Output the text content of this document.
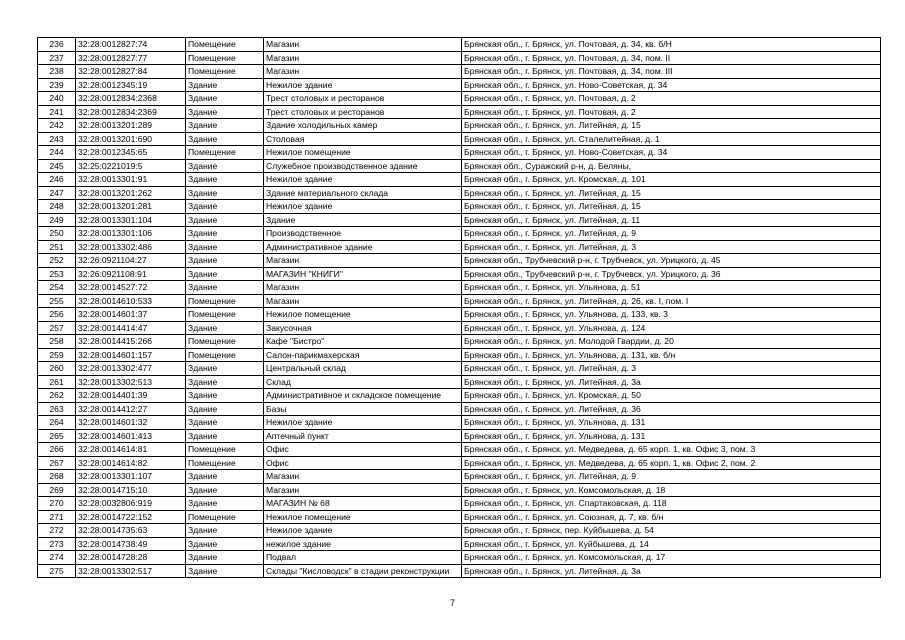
236	32:28:0012827:74	Помещение	Магазин	Брянская обл., г. Брянск, ул. Почтовая, д. 34, кв. б/Н
237	32:28:0012827:77	Помещение	Магазин	Брянская обл., г. Брянск, ул. Почтовая, д. 34, пом. II
238	32:28:0012827:84	Помещение	Магазин	Брянская обл., г. Брянск, ул. Почтовая, д. 34, пом. III
239	32:28:0012345:19	Здание	Нежилое здание	Брянская обл., г. Брянск, ул. Ново-Советская, д. 34
240	32:28:0012834:2368	Здание	Трест столовых и ресторанов	Брянская обл., г. Брянск, ул. Почтовая, д. 2
241	32:28:0012834:2369	Здание	Трест столовых и ресторанов	Брянская обл., г. Брянск, ул. Почтовая, д. 2
242	32:28:0013201:289	Здание	Здание холодильных камер	Брянская обл., г. Брянск, ул. Литейная, д. 15
243	32:28:0013201:690	Здание	Столовая	Брянская обл., г. Брянск, ул. Сталелитейная, д. 1
244	32:28:0012345:65	Помещение	Нежилое помещение	Брянская обл., г. Брянск, ул. Ново-Советская, д. 34
245	32:25:0221019:5	Здание	Служебное производственное здание	Брянская обл., Суражский р-н, д. Беляны,
246	32:28:0013301:91	Здание	Нежилое здание	Брянская обл., г. Брянск, ул. Кромская, д. 101
247	32:28:0013201:262	Здание	Здание материального склада	Брянская обл., г. Брянск, ул. Литейная, д. 15
248	32:28:0013201:281	Здание	Нежилое здание	Брянская обл., г. Брянск, ул. Литейная, д. 15
249	32:28:0013301:104	Здание	Здание	Брянская обл., г. Брянск, ул. Литейная, д. 11
250	32:28:0013301:106	Здание	Производственное	Брянская обл., г. Брянск, ул. Литейная, д. 9
251	32:28:0013302:486	Здание	Административное здание	Брянская обл., г. Брянск, ул. Литейная, д. 3
252	32:26:0921104:27	Здание	Магазин	Брянская обл., Трубчевский р-н, г. Трубчевск, ул. Урицкого, д. 45
253	32:26:0921108:91	Здание	МАГАЗИН "КНИГИ"	Брянская обл., Трубчевский р-н, г. Трубчевск, ул. Урицкого, д. 36
254	32:28:0014527:72	Здание	Магазин	Брянская обл., г. Брянск, ул. Ульянова, д. 51
255	32:28:0014610:533	Помещение	Магазин	Брянская обл., г. Брянск, ул. Литейная, д. 26, кв. I, пом. I
256	32:28:0014601:37	Помещение	Нежилое помещение	Брянская обл., г. Брянск, ул. Ульянова, д. 133, кв. 3
257	32:28:0014414:47	Здание	Закусочная	Брянская обл., г. Брянск, ул. Ульянова, д. 124
258	32:28:0014415:266	Помещение	Кафе "Бистро"	Брянская обл., г. Брянск, ул. Молодой Гвардии, д. 20
259	32:28:0014601:157	Помещение	Салон-парикмахерская	Брянская обл., г. Брянск, ул. Ульянова, д. 131, кв. б/н
260	32:28:0013302:477	Здание	Центральный склад	Брянская обл., г. Брянск, ул. Литейная, д. 3
261	32:28:0013302:513	Здание	Склад	Брянская обл., г. Брянск, ул. Литейная, д. 3а
262	32:28:0014401:39	Здание	Административное и складское помещение	Брянская обл., г. Брянск, ул. Кромская, д. 50
263	32:28:0014412:27	Здание	Базы	Брянская обл., г. Брянск, ул. Литейная, д. 36
264	32:28:0014601:32	Здание	Нежилое здание	Брянская обл., г. Брянск, ул. Ульянова, д. 131
265	32:28:0014601:413	Здание	Аптечный пункт	Брянская обл., г. Брянск, ул. Ульянова, д. 131
266	32:28:0014614:81	Помещение	Офис	Брянская обл., г. Брянск, ул. Медведева, д. 65 корп. 1, кв. Офис 3, пом. 3
267	32:28:0014614:82	Помещение	Офис	Брянская обл., г. Брянск, ул. Медведева, д. 65 корп. 1, кв. Офис 2, пом. 2
268	32:28:0013301:107	Здание	Магазин	Брянская обл., г. Брянск, ул. Литейная, д. 9
269	32:28:0014715:10	Здание	Магазин	Брянская обл., г. Брянск, ул. Комсомольская, д. 18
270	32:28:0032806:919	Здание	МАГАЗИН № 68	Брянская обл., г. Брянск, ул. Спартаковская, д. 118
271	32:28:0014722:152	Помещение	Нежилое помещение	Брянская обл., г. Брянск, ул. Союзная, д. 7, кв. б/н
272	32:28:0014735:63	Здание	Нежилое здание	Брянская обл., г. Брянск, пер. Куйбышева, д. 54
273	32:28:0014738:49	Здание	нежилое здание	Брянская обл., г. Брянск, ул. Куйбышева, д. 14
274	32:28:0014728:28	Здание	Подвал	Брянская обл., г. Брянск, ул. Комсомольская, д. 17
275	32:28:0013302:517	Здание	Склады "Кисловодск" в стадии реконструкции	Брянская обл., г. Брянск, ул. Литейная, д. 3а
7
